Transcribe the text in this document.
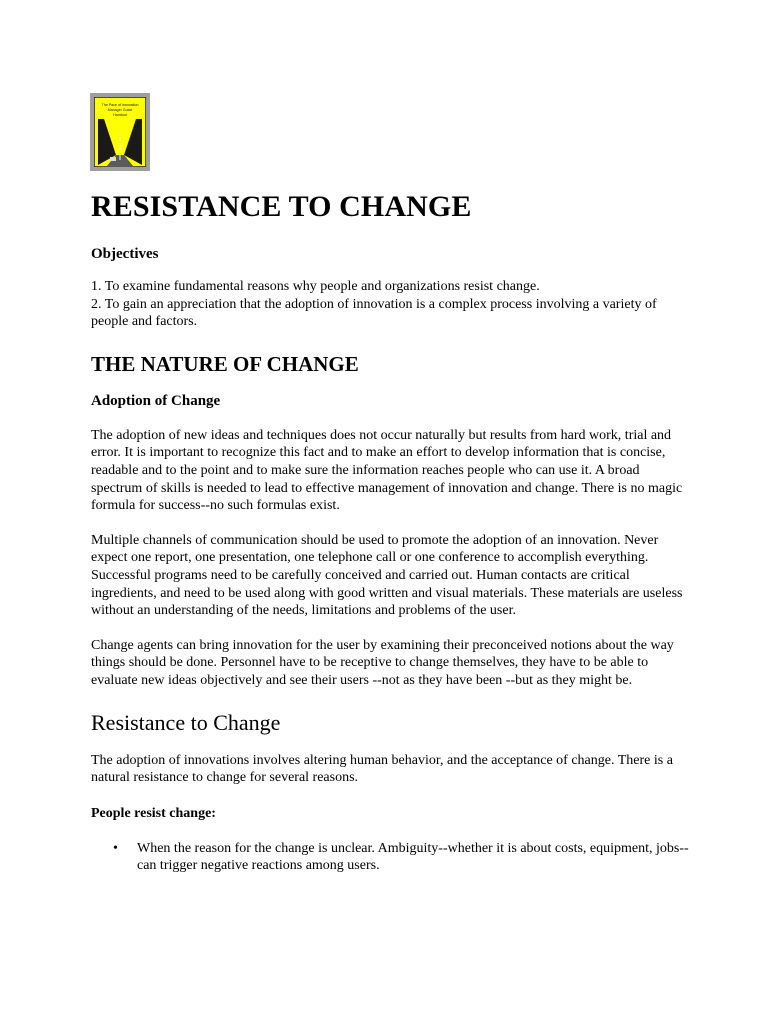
The Pace of Innovation
Manager Guide
Handout
RESISTANCE TO CHANGE
Objectives

1. To examine fundamental reasons why people and organizations resist change.

2. To gain an appreciation that the adoption of innovation is a complex process involving a variety of people and factors.

THE NATURE OF CHANGE
Adoption of Change

The adoption of new ideas and techniques does not occur naturally but results from hard work, trial and error. It is important to recognize this fact and to make an effort to develop information that is concise, readable and to the point and to make sure the information reaches people who can use it. A broad spectrum of skills is needed to lead to effective management of innovation and change. There is no magic formula for success--no such formulas exist.

Multiple channels of communication should be used to promote the adoption of an innovation. Never expect one report, one presentation, one telephone call or one conference to accomplish everything. Successful programs need to be carefully conceived and carried out. Human contacts are critical ingredients, and need to be used along with good written and visual materials. These materials are useless without an understanding of the needs, limitations and problems of the user.

Change agents can bring innovation for the user by examining their preconceived notions about the way things should be done. Personnel have to be receptive to change themselves, they have to be able to evaluate new ideas objectively and see their users --not as they have been --but as they might be.

Resistance to Change

The adoption of innovations involves altering human behavior, and the acceptance of change. There is a natural resistance to change for several reasons.

People resist change:
• When the reason for the change is unclear. Ambiguity--whether it is about costs, equipment, jobs--can trigger negative reactions among users.
